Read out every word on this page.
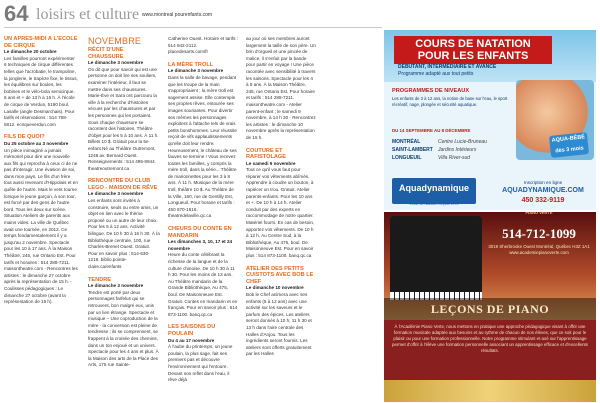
64 loisirs et culture www.montreal pourenfants.com
UN APRÈS-MIDI À L'ÉCOLE DE CIRQUE
Le dimanche 20 octobre
Les familles pourront expérimenter 6 techniques de cirque différentes telles que l'acrobatie, le trampoline, la jonglerie, le trapèze fixe, le tissus, les équilibres sur boules, les bobines et le vélo-bola semicirque. 6 ans et + de 13 h à 16 h. À l'école de cirque de Verdun, 5190 boul. Lasalle (angle Desmarchais). Pour tarifs et réservations : 514 768-5812. ecirqueverdun.com
FILS DE QUOI?
Du 25 octobre au 3 novembre
Un pièce inimaginé a jamais mémoriel pour dire une nouvelle aux fils qui reprocha à ceux ci de ne pas d'interagir. Une évasion de soi, dans mon pays. Le fils d'un frère tout aussi revenant d'Hippolais et en quête de l'autre. Mais le vent tourne lorsque le jeune garçon, à son tour, est forcé par des gens de l'autre bord. Tous les deux sur scène. Situation Ateliers de parents aux mains vides. La ville de Québec avait une tournée, en 2012. Ce temps fondamentalement il y a jusqu'au 2 novembre. Spectacle pour les 10 à 17 ans. À la Maison Théâtre, 245, rue Ontario Est. Pour tarifs et horaires : 514 288-7211. maisontheatre.com - Rencontres les artistes : le dimanche 27 octobre après la représentation de 15 h. - Coulisses pédagogiques : Le dimanche 27 octobre (avant la représentation de 15 h).
NOVEMBRE
RÉCIT D'UNE CHAUSSURE
Le dimanche 3 novembre
On dit que pour savoir qui est une personne on doit lire ses souliers, examiner l'intérieur, il faut se mettre dans ses chaussures. Marie-Ève et Sara ont parcouru la ville à la recherche d'histoires vécues par les chaussures et par les personnes qui les portaient. Sous chaque chaussure se racontent des histoires. Théâtre d'objet pour les 5 à 10 ans. À 11 h. Billets 10 $. Gratuit pour la 5e enfant.Né au Théâtre Outremont, 1248 av. Bernard Ouest. Renseignements : 514 495-9944. theatreoutremont.ca
RENCONTRE DU CLUB LEGO - MAISON DE RÊVE
Le dimanche 3 novembre
Les enfants sont invités à construire, seuls ou entre amis, un objet en lien avec le thème proposé ou un autre de leur choix. Pour les 5 à 12 ans. Activité bilingue. De 10 h 30 à 16 h 30. À la Bibliothèque centrale, 100, rue Charles-Brenet Ouest. Gratuit. Pour en savoir plus : 514-630-1218. biblio.pointe-claire.ca/enfants
TENDRE
Le dimanche 3 novembre
Tendre est porté par deux personnages farfelus qui se retrouvent, bon malgré eux, unis par un lien étrange. Spectacle et musique – Une coproduction de la mère - la conversion est pleine de tendresse ; ils se comprennent, se frappent à la croisée des chemins, dans un ton enjoué et un univers. Spectacle pour les 4 ans et plus. À la Maison des arts de la Place des Arts, 175 rue Sainte-
Catherine Ouest. Horaire et tarifs : 514 842-2112. placedesarts.com/fr
LA MÈRE TROLL
Le dimanche 3 novembre
Dans la salle de bavage, pendant que les troupe de la main s'appropriaient ; la mère troll est sagement assise. Elle contemple ses propres rêves, entourée ses images souriantes. Pour divertir ses mêmes les personnages exploitent à l'attache tels de vrais petits bonshommes. Leur réussite reçoit de vifs applaudissements qu'elle doit leur rendre. Heureusement, le château de ses fauves se termine ! Vous recevez toutes les familles, y compris la mère troll, dans la série... Théâtre de marionnettes pour les 3 à 8 ans. À 11 h. Musique de la mère troll, théâtre 10 $. Au Théâtre de la Ville, 180, rue de Gentilly Est, Longueuil. Pour horaire et tarifs : 450 670-1616. theatredelaville.qc.ca
CHEURS DU CONTE EN MANDARIN
Les dimanches 3, 10, 17 et 24 novembre
Heure du conte célébrant la richesse de la langue et de la culture chinoise. De 10 h 30 à 11 h 30. Pour les moins de 13 ans. Au Théâtre mandarin de la Grande Bibliothèque, Au 475, boul. De Maisonneuve Est. Gratuit. Contes en mandarin et en français. Pour en savoir plus : 514 873-1100. banq.qc.ca
LES SAISONS DU POULAIN
Du 4 au 17 novembre
À l'aube du printemps, un jeune poulain, la plus sage, fait ses premiers pas et découvre l'environnement qui l'entoure. Devant son reflet dans l'eau, il rêve déjà
au jour où ses membres auront largement la taille de son père. Un brin d'orgueil et une pincée de malice, il s'enfuit par la bande pour partir en voyage ! Une pièce racontée avec sensibilité à travers les saisons. Spectacle pour les 4 à 8 ans. À la Maison Théâtre, 245, rue Ontario Est. Pour horaire et tarifs : 514 288-7211. maisontheatre.com - Atelier parent-enfant ; le samedi 9 novembre, à 14 h 30 - Rencontrez les artistes : le dimanche 10 novembre après la représentation de 15 h.
COUTURE ET RAFISTOLAGE
Le samedi 9 novembre
Tout ce qu'il vous faut pour réparer vos vêtements abîmés. Apprendre à coudre un bouton, à rapiécer un trou. Gratuit. Atelier parents-enfants. Pour les 10 ans et +. De 10 h à 14 h. Atelier conduit par des experts en raccommodage de notre quartier. Matériel fourni. En cas de besoin, apportez vos vêtements. De 10 h à 12 h. Au Centre Sud, à la Bibliothèque, Au 475, boul. De Maisonneuve Est. Pour en savoir plus : 514 873-1100. banq.qc.ca
ATELIER DES PETITS CUISTOTS AVEC BOB LE CHEF
Le dimanche 10 novembre
Bob le Chef animera avec ses enfants (5 à 12 ans) avec une activité sur les saveurs et le parfum des épices. Les ateliers seront donnés à 10 h, 11 h 30 et 13 h dans l'aire centrale des Halles d'Anjou. Tous les ingrédients seront fournis. Les ateliers sont offerts gratuitement par les Halles
COURS DE NATATION POUR LES ENFANTS
DÉBUTANT, INTERMÉDIAIRE ET AVANCÉ
Programme adapté aux tout petits
PROGRAMMES DE NIVEAUX
Les enfants de 3 à 12 ans, la notion de base sur l'eau, le sport récréatif, nage, plongée et sécurité aquatique.
AQUA-BÉBÉ dès 3 mois
DU 14 SEPTEMBRE AU 8 DÉCEMBRE
MONTRÉAL	Centre Lucie-Bruneau
SAINT-LAMBERT Jardins Intérieurs
LONGUEUIL	Villa River-sud
Aquadynamique
École de natation Depuis 1978
Inscription en ligne
AQUADYNAMIQUE.COM
450 332-9119
PIANO VERTE
514-712-1099
3019 Sherbrooke Ouest Montréal, Québec H3Z 1A1 www.academiepianoverte.com
LEÇONS DE PIANO
À l'Académie Piano Verte, nous mettons en pratique une approche pédagogique visant à offrir une formation musicale adaptée aux besoins et au rythme de chacun de nos élèves, que ce soit pour le plaisir ou pour une formation professionnelle. Notre programme stimulant et axé sur l'apprentissage permet d'offrir à l'élève une formation personnelle associant un apprentissage efficace et d'excellents résultats.
